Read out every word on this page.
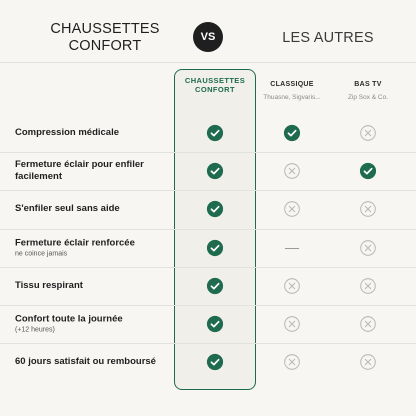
CHAUSSETTES
CONFORT
VS	LES AUTRES
CHAUSSETTES
CONFORT
CLASSIQUE
Thuasne, Sigvaris...
BAS TV
Zip Sox & Co.
Compression médicale
Fermeture éclair pour enfiler facilement
S'enfiler seul sans aide
Fermeture éclair renforcée
ne coince jamais
Tissu respirant
Confort toute la journée
(+12 heures)
60 jours satisfait ou remboursé
